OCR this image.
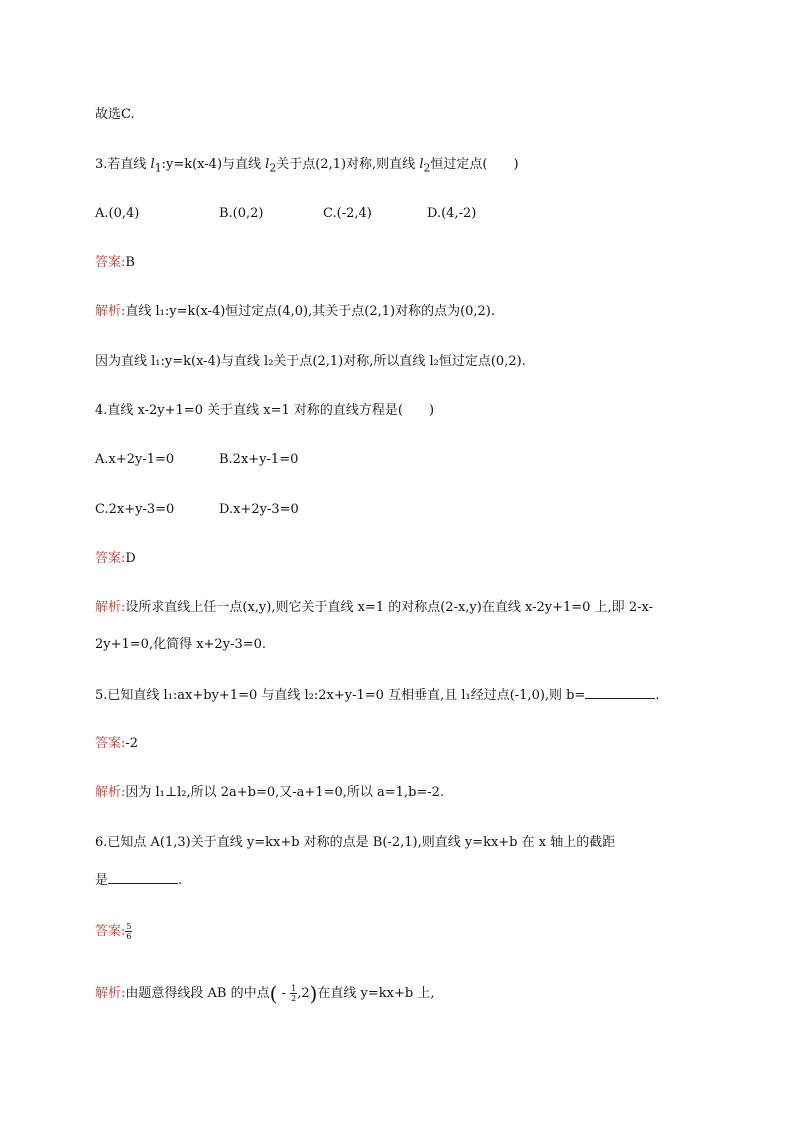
故选C.
3.若直线 $l_1:y=k(x-4)$与直线 $l_2$关于点(2,1)对称,则直线 $l_2$恒过定点(　　)
A.(0,4)	B.(0,2)	C.(-2,4)	D.(4,-2)
答案:B
解析:直线 l₁:y=k(x-4)恒过定点(4,0),其关于点(2,1)对称的点为(0,2).
因为直线 l₁:y=k(x-4)与直线 l₂关于点(2,1)对称,所以直线 l₂恒过定点(0,2).
4.直线 x-2y+1=0 关于直线 x=1 对称的直线方程是(　　)
A.x+2y-1=0	B.2x+y-1=0
C.2x+y-3=0	D.x+2y-3=0
答案:D
解析:设所求直线上任一点(x,y),则它关于直线 x=1 的对称点(2-x,y)在直线 x-2y+1=0 上,即 2-x-
2y+1=0,化简得 x+2y-3=0.
5.已知直线 l₁:ax+by+1=0 与直线 l₂:2x+y-1=0 互相垂直,且 l₁经过点(-1,0),则 b=	.
答案:-2
解析:因为 l₁⊥l₂,所以 2a+b=0,又-a+1=0,所以 a=1,b=-2.
6.已知点 A(1,3)关于直线 y=kx+b 对称的点是 B(-2,1),则直线 y=kx+b 在 x 轴上的截距
是	.
答案: $\frac{5}{6}$
解析:由题意得线段 AB 的中点( - $\frac{1}{2} ,2$)在直线 y=kx+b 上,
